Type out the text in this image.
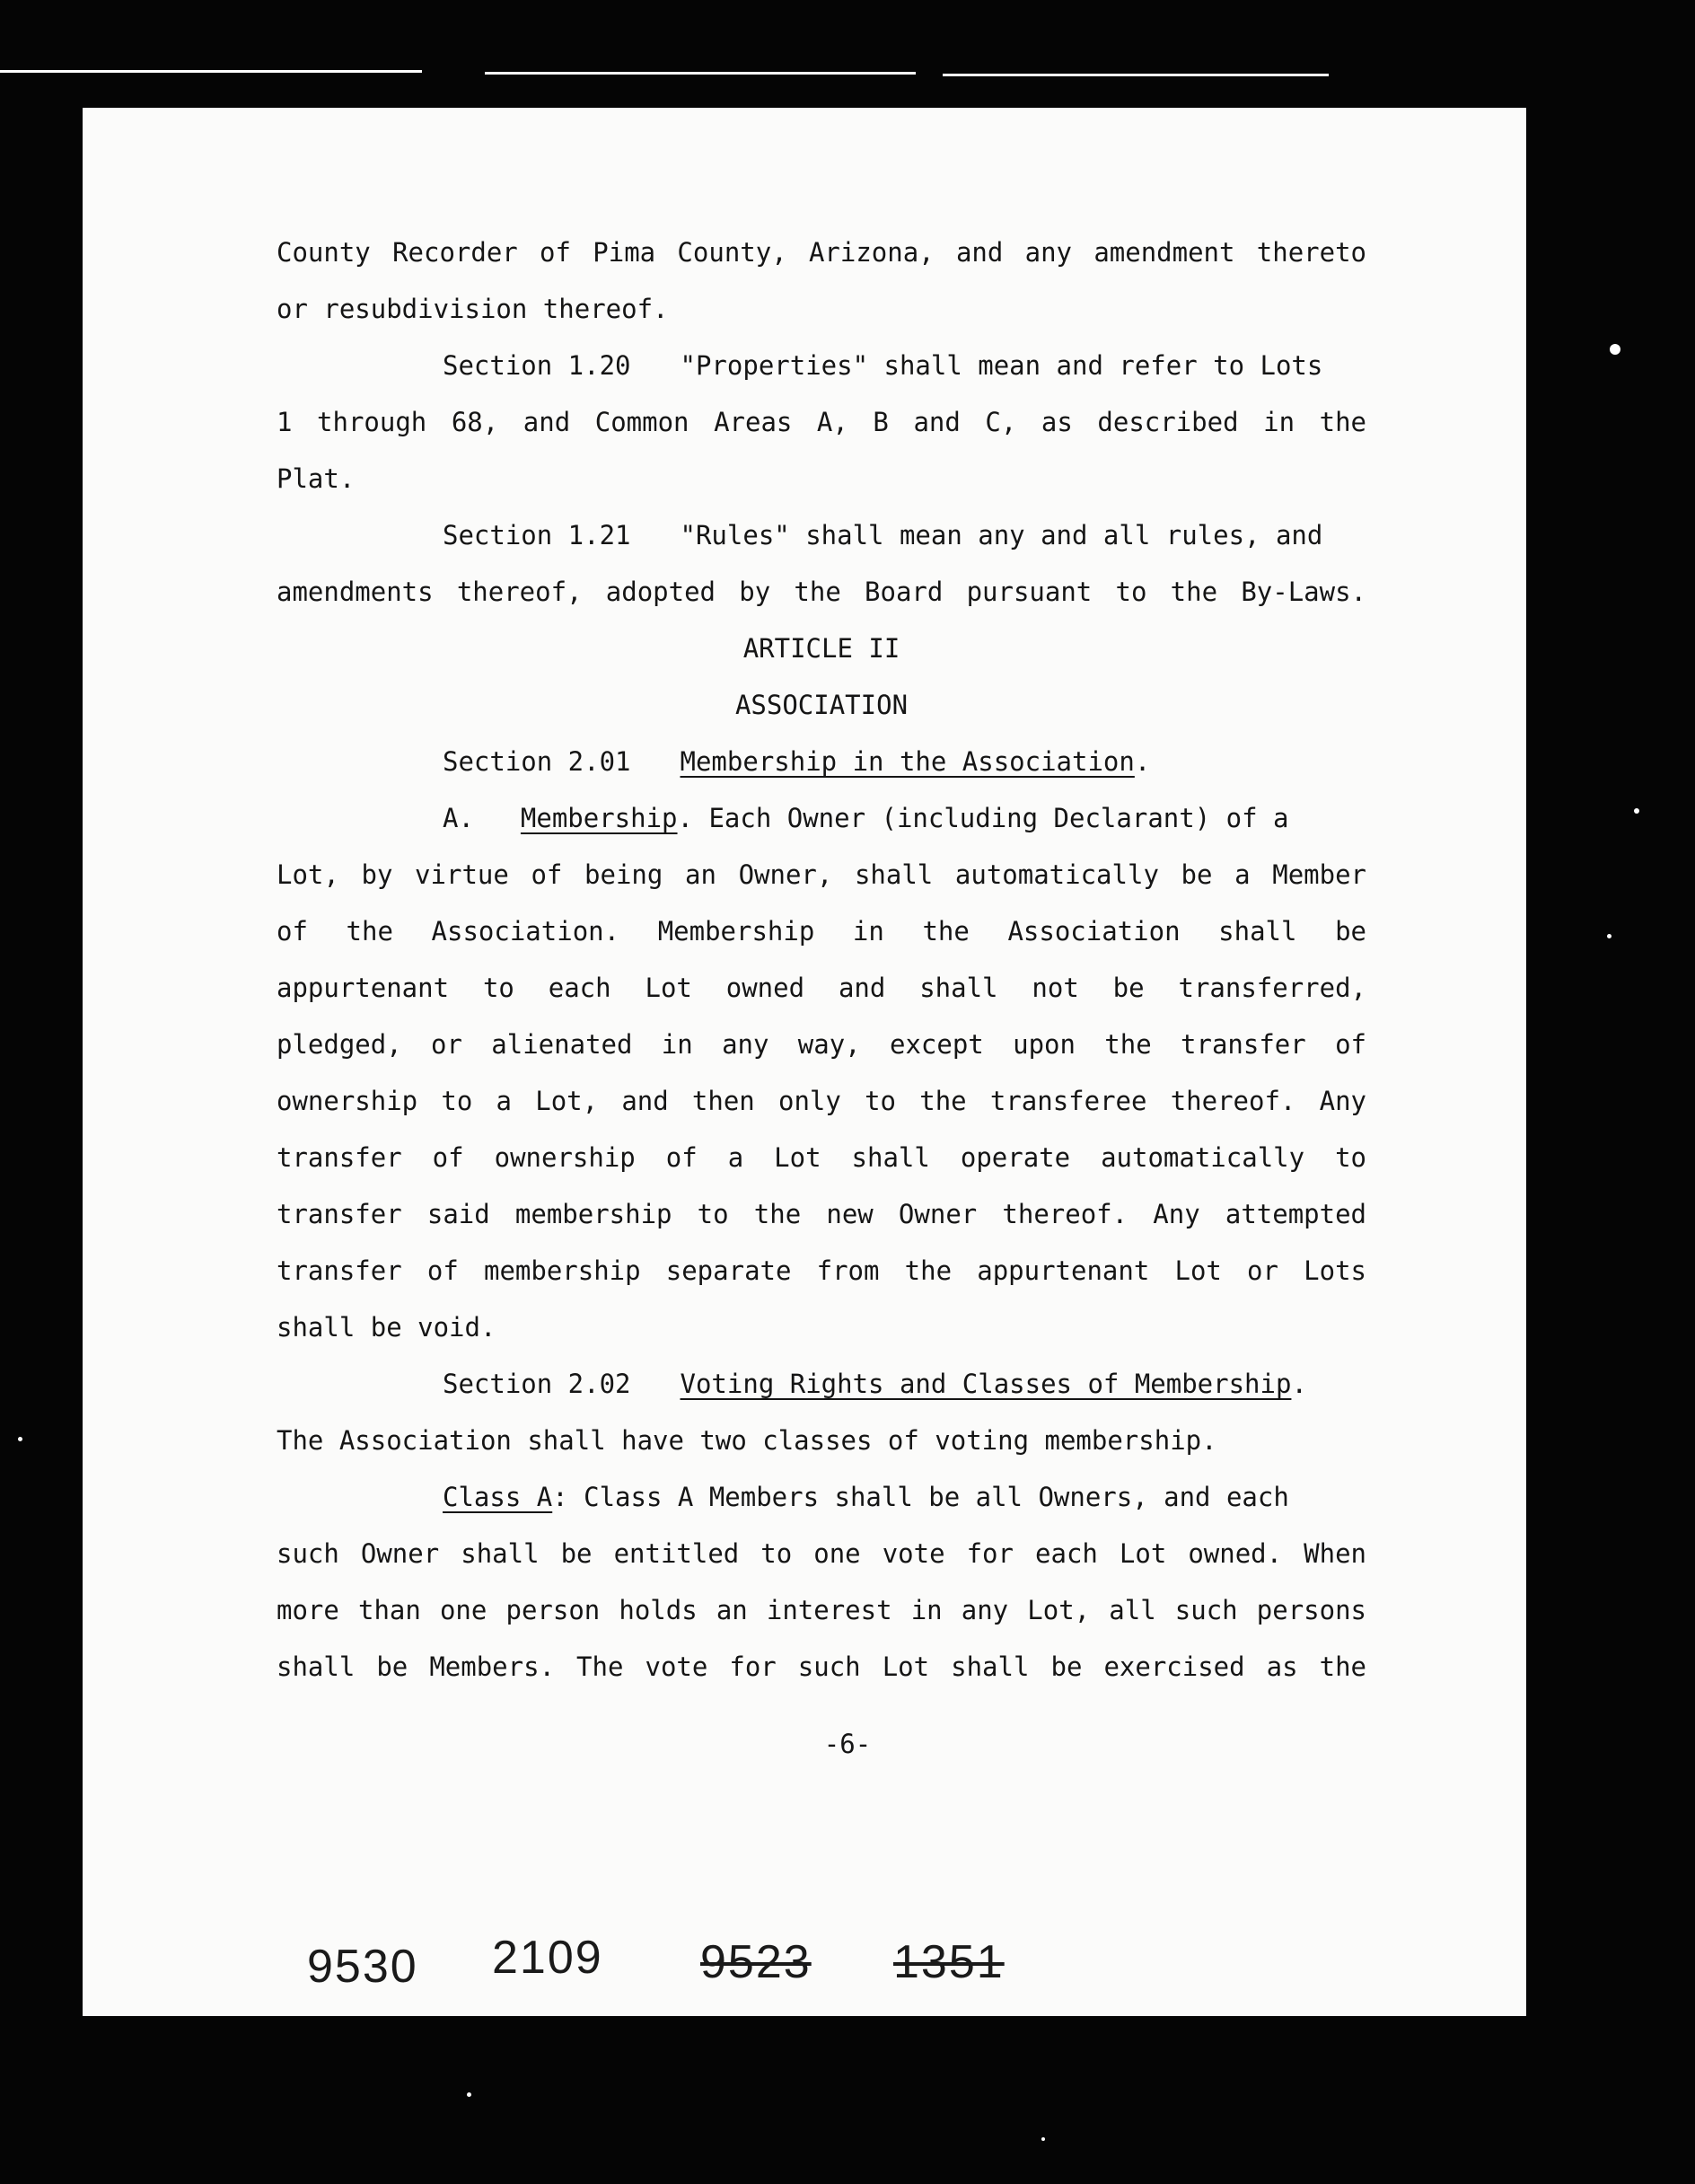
County Recorder of Pima County, Arizona, and any amendment thereto
or resubdivision thereof.
Section 1.20 "Properties" shall mean and refer to Lots
1 through 68, and Common Areas A, B and C, as described in the
Plat.
Section 1.21 "Rules" shall mean any and all rules, and
amendments thereof, adopted by the Board pursuant to the By-Laws.
ARTICLE II
ASSOCIATION
Section 2.01 Membership in the Association.
A. Membership. Each Owner (including Declarant) of a
Lot, by virtue of being an Owner, shall automatically be a Member
of the Association. Membership in the Association shall be
appurtenant to each Lot owned and shall not be transferred,
pledged, or alienated in any way, except upon the transfer of
ownership to a Lot, and then only to the transferee thereof. Any
transfer of ownership of a Lot shall operate automatically to
transfer said membership to the new Owner thereof. Any attempted
transfer of membership separate from the appurtenant Lot or Lots
shall be void.
Section 2.02 Voting Rights and Classes of Membership.
The Association shall have two classes of voting membership.
Class A: Class A Members shall be all Owners, and each
such Owner shall be entitled to one vote for each Lot owned. When
more than one person holds an interest in any Lot, all such persons
shall be Members. The vote for such Lot shall be exercised as the
-6-
9530 2109 9523 1351
